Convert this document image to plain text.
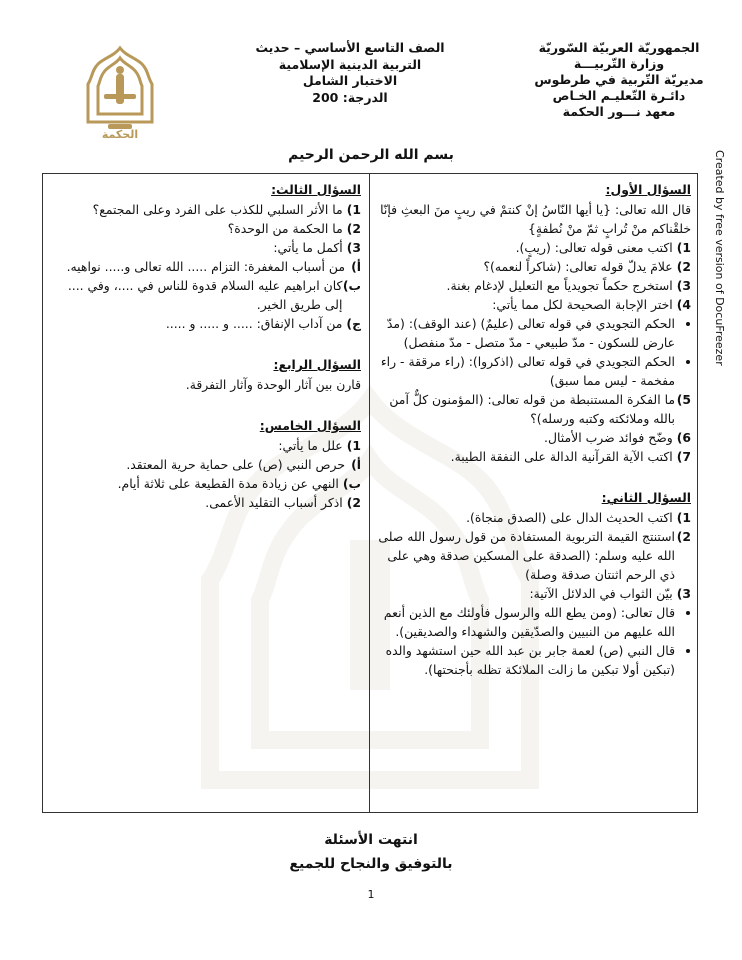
الجمهوريّة العربيّة السّوريّة
وزارة التّربيـــة
مديريّة التّربية في طرطوس
دائـرة التّعليـم الخـاص
معهد نـــور الحكمة
الصف التاسع الأساسي – حديث
التربية الدينية الإسلامية
الاختبار الشامل
الدرجة: 200
الحكمة
Created by free version of DocuFreezer
بسم الله الرحمن الرحيم

السؤال الأول:

قال الله تعالى: {يا أيها النّاسُ إنْ كنتمْ في ريبٍ منَ البعثِ فإنّا خلقْناكم منْ تُرابٍ ثمّ منْ نُطفةٍ}

1)
اكتب معنى قوله تعالى: (ريبٍ).
2)
علامَ يدلّ قوله تعالى: (شاكراً لنعمه)؟
3)
استخرج حكماً تجويدياً مع التعليل لإدغام بغنة.
4)
اختر الإجابة الصحيحة لكل مما يأتي:
• الحكم التجويدي في قوله تعالى (عليمٌ) (عند الوقف): (مدّ عارض للسكون - مدّ طبيعي - مدّ متصل - مدّ منفصل)
• الحكم التجويدي في قوله تعالى (اذكروا): (راء مرققة - راء مفخمة - ليس مما سبق)
5)
ما الفكرة المستنبطة من قوله تعالى: (المؤمنون كلٌّ آمن بالله وملائكته وكتبه ورسله)؟
6)
وضّح فوائد ضرب الأمثال.
7)
اكتب الآية القرآنية الدالة على النفقة الطيبة.

السؤال الثاني:

1)
اكتب الحديث الدال على (الصدق منجاة).
2)
استنتج القيمة التربوية المستفادة من قول رسول الله صلى الله عليه وسلم: (الصدقة على المسكين صدقة وهي على ذي الرحم اثنتان صدقة وصلة)
3)
بيّن الثواب في الدلائل الآتية:
• قال تعالى: (ومن يطع الله والرسول فأولئك مع الذين أنعم الله عليهم من النبيين والصدّيقين والشهداء والصديقين).
• قال النبي (ص) لعمة جابر بن عبد الله حين استشهد والده (تبكين أولا تبكين ما زالت الملائكة تظله بأجنحتها).

السؤال الثالث:

1)
ما الأثر السلبي للكذب على الفرد وعلى المجتمع؟
2)
ما الحكمة من الوحدة؟
3)
أكمل ما يأتي:
أ)
من أسباب المغفرة: التزام ..... الله تعالى و..... نواهيه.
ب)
كان ابراهيم عليه السلام قدوة للناس في ....، وفي .... إلى طريق الخير.
ج)
من آداب الإنفاق: ..... و ..... و .....

السؤال الرابع:

قارن بين آثار الوحدة وآثار التفرقة.

السؤال الخامس:

1)
علل ما يأتي:
أ)
حرص النبي (ص) على حماية حرية المعتقد.
ب)
النهي عن زيادة مدة القطيعة على ثلاثة أيام.
2)
اذكر أسباب التقليد الأعمى.
انتهت الأسئلة
بالتوفيق والنجاح للجميع
1
